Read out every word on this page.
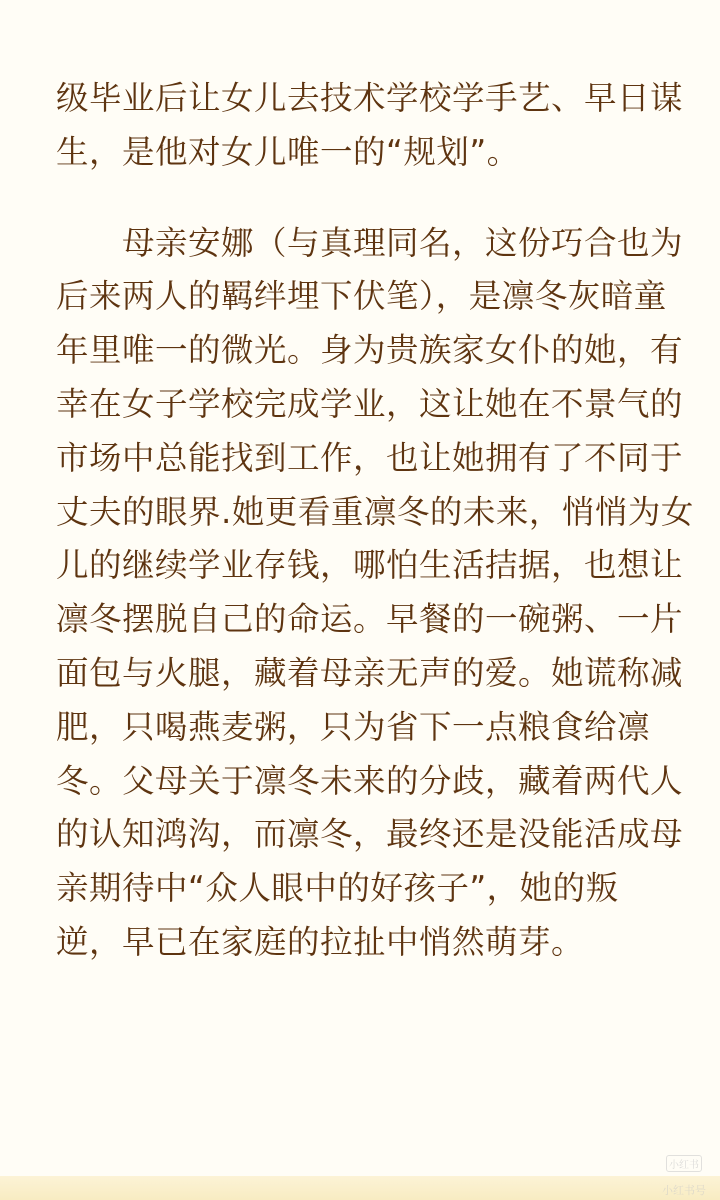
级毕业后让女儿去技术学校学手艺、早日谋
生，是他对女儿唯一的“规划”。

　　母亲安娜（与真理同名，这份巧合也为
后来两人的羁绊埋下伏笔），是凛冬灰暗童
年里唯一的微光。身为贵族家女仆的她，有
幸在女子学校完成学业，这让她在不景气的
市场中总能找到工作，也让她拥有了不同于
丈夫的眼界.她更看重凛冬的未来，悄悄为女
儿的继续学业存钱，哪怕生活拮据，也想让
凛冬摆脱自己的命运。早餐的一碗粥、一片
面包与火腿，藏着母亲无声的爱。她谎称减
肥，只喝燕麦粥，只为省下一点粮食给凛
冬。父母关于凛冬未来的分歧，藏着两代人
的认知鸿沟，而凛冬，最终还是没能活成母
亲期待中“众人眼中的好孩子”，她的叛
逆，早已在家庭的拉扯中悄然萌芽。

小红书
小红书号
